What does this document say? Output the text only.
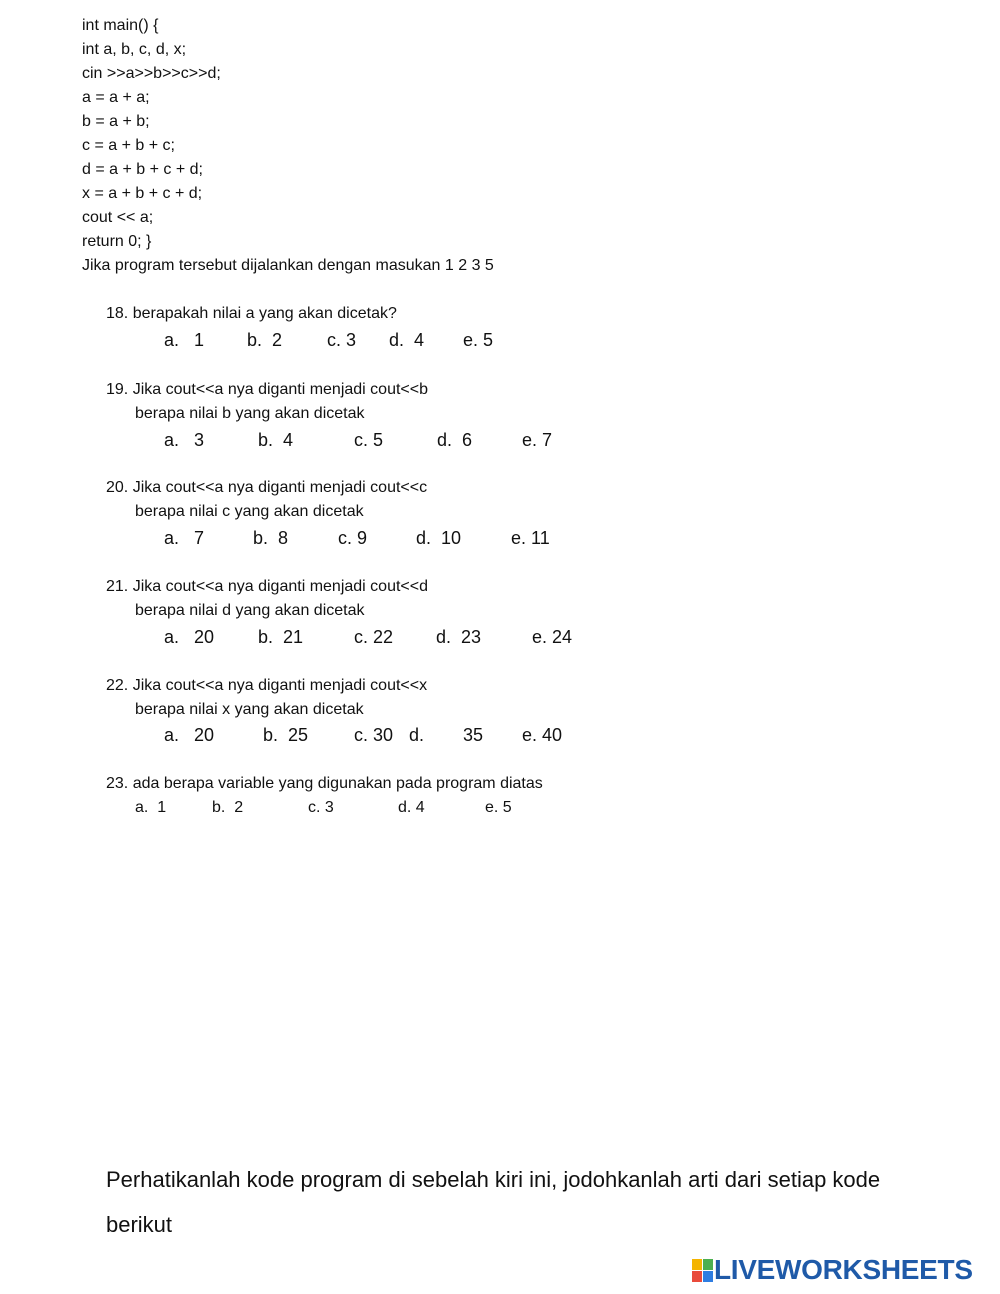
int main() {
int a, b, c, d, x;
cin >>a>>b>>c>>d;
a = a + a;
b = a + b;
c = a + b + c;
d = a + b + c + d;
x = a + b + c + d;
cout << a;
return 0; }
Jika program tersebut dijalankan dengan masukan 1 2 3 5
18. berapakah nilai a yang akan dicetak?
a.   1 b.  2 c. 3 d.  4 e. 5
19. Jika cout<<a nya diganti menjadi cout<<b
berapa nilai b yang akan dicetak
a.   3	b.  4	c. 5	d.  6	e. 7
20. Jika cout<<a nya diganti menjadi cout<<c
berapa nilai c yang akan dicetak
a.   7	b.  8	c. 9	d.  10	e. 11
21. Jika cout<<a nya diganti menjadi cout<<d
berapa nilai d yang akan dicetak
a.   20 b.  21	c. 22 d.  23	e. 24
22. Jika cout<<a nya diganti menjadi cout<<x
berapa nilai x yang akan dicetak
a.   20	b.  25	c. 30 d. 35 e. 40
23. ada berapa variable yang digunakan pada program diatas
a.  1	b.  2	c. 3	d. 4	e. 5
Perhatikanlah kode program di sebelah kiri ini, jodohkanlah arti dari setiap kode
berikut
LIVEWORKSHEETS
